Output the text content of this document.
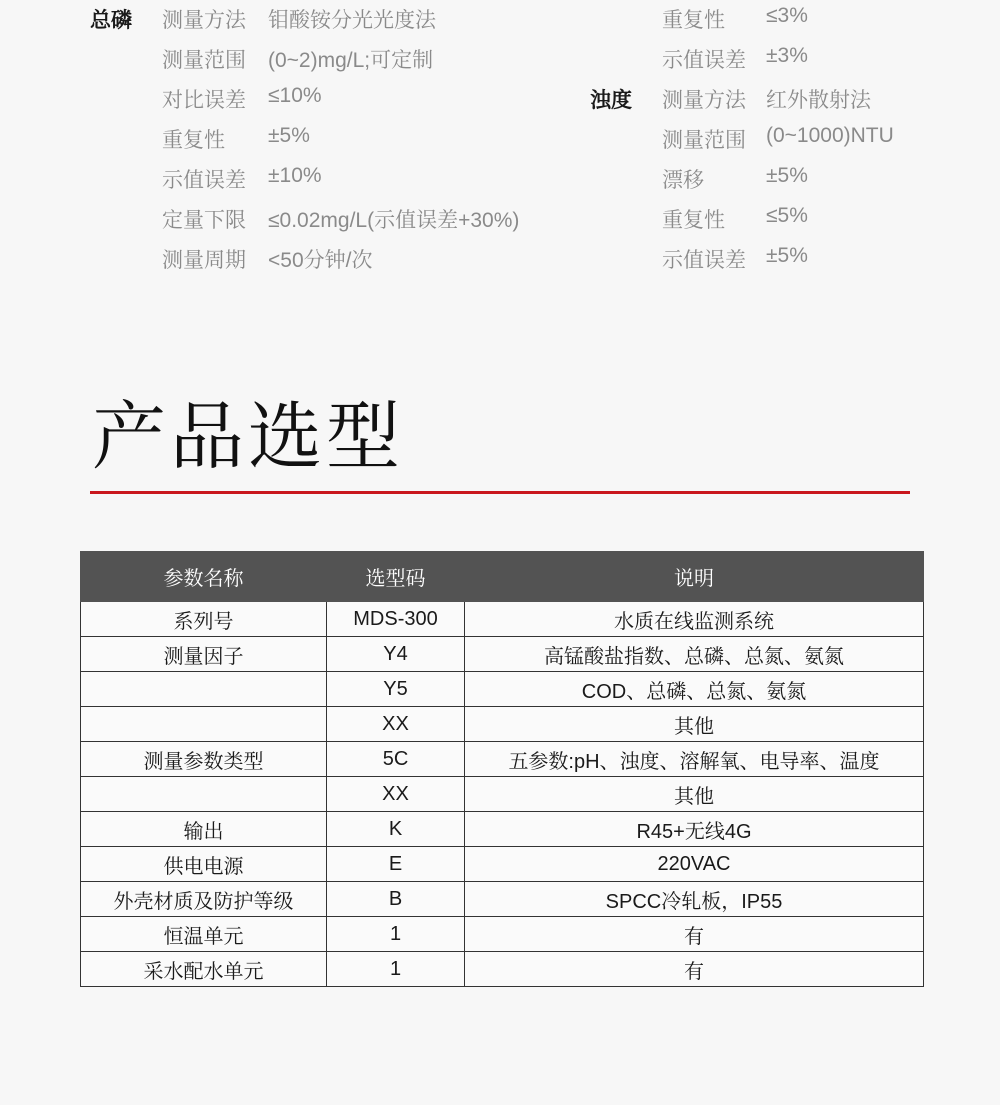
总磷 测量方法 钼酸铵分光光度法
测量范围 (0~2)mg/L;可定制
对比误差 ≤10%
重复性 ±5%
示值误差 ±10%
定量下限 ≤0.02mg/L(示值误差+30%)
测量周期 <50分钟/次
重复性 ≤3%
示值误差 ±3%
浊度 测量方法 红外散射法
测量范围 (0~1000)NTU
漂移	±5%
重复性 ≤5%
示值误差 ±5%
产品选型
参数名称	选型码	说明
系列号	MDS-300	水质在线监测系统
测量因子	Y4	高锰酸盐指数、总磷、总氮、氨氮
	Y5	COD、总磷、总氮、氨氮
	XX	其他
测量参数类型	5C	五参数:pH、浊度、溶解氧、电导率、温度
	XX	其他
输出	K	R45+无线4G
供电电源	E	220VAC
外壳材质及防护等级	B	SPCC冷轧板，IP55
恒温单元	1	有
采水配水单元	1	有
